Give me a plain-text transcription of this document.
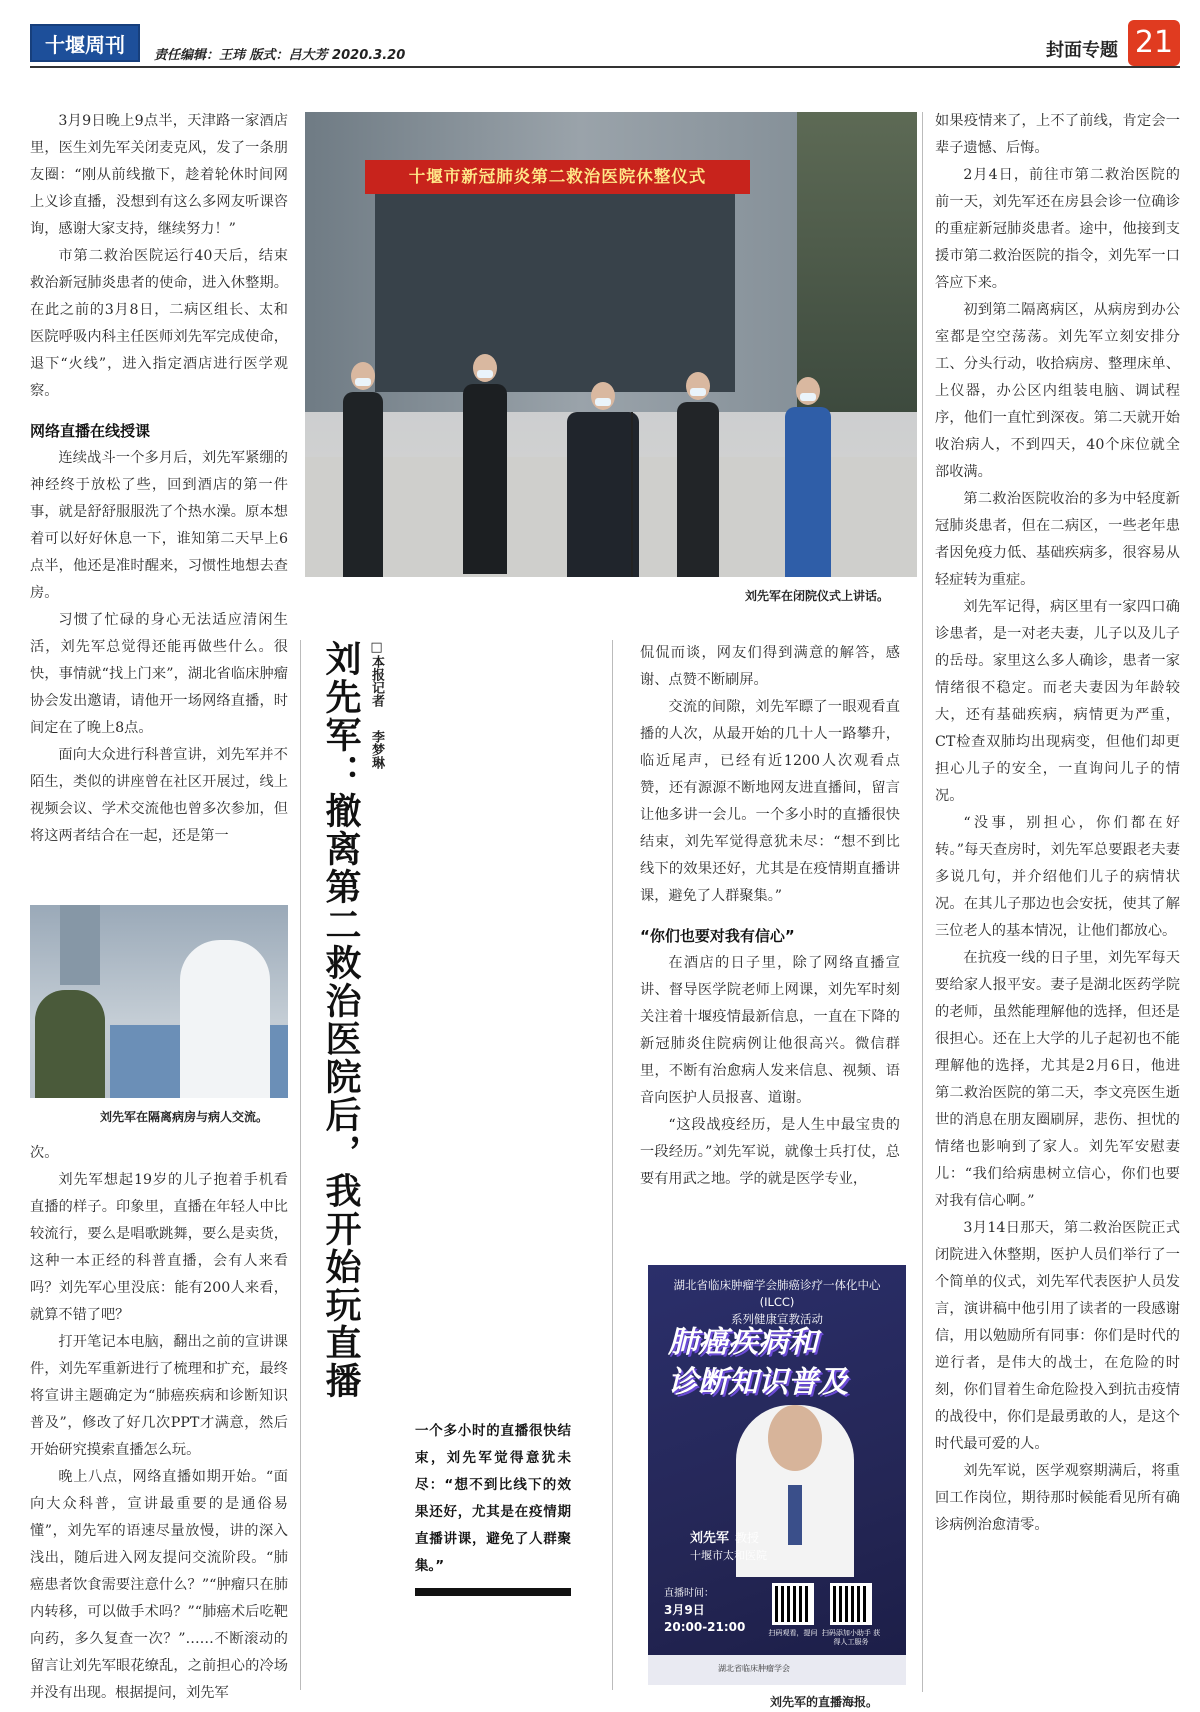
十堰周刊	责任编辑：王玮 版式：吕大芳 2020.3.20	封面专题 21

3月9日晚上9点半，天津路一家酒店里，医生刘先军关闭麦克风，发了一条朋友圈：“刚从前线撤下，趁着轮休时间网上义诊直播，没想到有这么多网友听课咨询，感谢大家支持，继续努力！”

市第二救治医院运行40天后，结束救治新冠肺炎患者的使命，进入休整期。在此之前的3月8日，二病区组长、太和医院呼吸内科主任医师刘先军完成使命，退下“火线”，进入指定酒店进行医学观察。

网络直播在线授课

连续战斗一个多月后，刘先军紧绷的神经终于放松了些，回到酒店的第一件事，就是舒舒服服洗了个热水澡。原本想着可以好好休息一下，谁知第二天早上6点半，他还是准时醒来，习惯性地想去查房。

习惯了忙碌的身心无法适应清闲生活，刘先军总觉得还能再做些什么。很快，事情就“找上门来”，湖北省临床肿瘤协会发出邀请，请他开一场网络直播，时间定在了晚上8点。

面向大众进行科普宣讲，刘先军并不陌生，类似的讲座曾在社区开展过，线上视频会议、学术交流他也曾多次参加，但将这两者结合在一起，还是第一

刘先军在隔离病房与病人交流。

次。

刘先军想起19岁的儿子抱着手机看直播的样子。印象里，直播在年轻人中比较流行，要么是唱歌跳舞，要么是卖货，这种一本正经的科普直播，会有人来看吗？刘先军心里没底：能有200人来看，就算不错了吧？

打开笔记本电脑，翻出之前的宣讲课件，刘先军重新进行了梳理和扩充，最终将宣讲主题确定为“肺癌疾病和诊断知识普及”，修改了好几次PPT才满意，然后开始研究摸索直播怎么玩。

晚上八点，网络直播如期开始。“面向大众科普，宣讲最重要的是通俗易懂”，刘先军的语速尽量放慢，讲的深入浅出，随后进入网友提问交流阶段。“肺癌患者饮食需要注意什么？”“肿瘤只在肺内转移，可以做手术吗？”“肺癌术后吃靶向药，多久复查一次？”……不断滚动的留言让刘先军眼花缭乱，之前担心的冷场并没有出现。根据提问，刘先军

十堰市新冠肺炎第二救治医院休整仪式
刘先军在闭院仪式上讲话。
刘先军：撤离第二救治医院后，我开始玩直播 □本报记者
李梦琳
一个多小时的直播很快结束，刘先军觉得意犹未尽：“想不到比线下的效果还好，尤其是在疫情期直播讲课，避免了人群聚集。”

侃侃而谈，网友们得到满意的解答，感谢、点赞不断刷屏。

交流的间隙，刘先军瞟了一眼观看直播的人次，从最开始的几十人一路攀升，临近尾声，已经有近1200人次观看点赞，还有源源不断地网友进直播间，留言让他多讲一会儿。一个多小时的直播很快结束，刘先军觉得意犹未尽：“想不到比线下的效果还好，尤其是在疫情期直播讲课，避免了人群聚集。”

“你们也要对我有信心”

在酒店的日子里，除了网络直播宣讲、督导医学院老师上网课，刘先军时刻关注着十堰疫情最新信息，一直在下降的新冠肺炎住院病例让他很高兴。微信群里，不断有治愈病人发来信息、视频、语音向医护人员报喜、道谢。

“这段战疫经历，是人生中最宝贵的一段经历。”刘先军说，就像士兵打仗，总要有用武之地。学的就是医学专业，

湖北省临床肿瘤学会肺癌诊疗一体化中心(ILCC)
系列健康宣教活动
肺癌疾病和
诊断知识普及
刘先军 教授
十堰市太和医院
直播时间：
3月9日
20:00-21:00	扫码观看，提问 扫码添加小助手 获得人工服务
湖北省临床肿瘤学会
刘先军的直播海报。

如果疫情来了，上不了前线，肯定会一辈子遗憾、后悔。

2月4日，前往市第二救治医院的前一天，刘先军还在房县会诊一位确诊的重症新冠肺炎患者。途中，他接到支援市第二救治医院的指令，刘先军一口答应下来。

初到第二隔离病区，从病房到办公室都是空空荡荡。刘先军立刻安排分工、分头行动，收拾病房、整理床单、上仪器，办公区内组装电脑、调试程序，他们一直忙到深夜。第二天就开始收治病人，不到四天，40个床位就全部收满。

第二救治医院收治的多为中轻度新冠肺炎患者，但在二病区，一些老年患者因免疫力低、基础疾病多，很容易从轻症转为重症。

刘先军记得，病区里有一家四口确诊患者，是一对老夫妻，儿子以及儿子的岳母。家里这么多人确诊，患者一家情绪很不稳定。而老夫妻因为年龄较大，还有基础疾病，病情更为严重，CT检查双肺均出现病变，但他们却更担心儿子的安全，一直询问儿子的情况。

“没事，别担心，你们都在好转。”每天查房时，刘先军总要跟老夫妻多说几句，并介绍他们儿子的病情状况。在其儿子那边也会安抚，使其了解三位老人的基本情况，让他们都放心。

在抗疫一线的日子里，刘先军每天要给家人报平安。妻子是湖北医药学院的老师，虽然能理解他的选择，但还是很担心。还在上大学的儿子起初也不能理解他的选择，尤其是2月6日，他进第二救治医院的第二天，李文亮医生逝世的消息在朋友圈刷屏，悲伤、担忧的情绪也影响到了家人。刘先军安慰妻儿：“我们给病患树立信心，你们也要对我有信心啊。”

3月14日那天，第二救治医院正式闭院进入休整期，医护人员们举行了一个简单的仪式，刘先军代表医护人员发言，演讲稿中他引用了读者的一段感谢信，用以勉励所有同事：你们是时代的逆行者，是伟大的战士，在危险的时刻，你们冒着生命危险投入到抗击疫情的战役中，你们是最勇敢的人，是这个时代最可爱的人。

刘先军说，医学观察期满后，将重回工作岗位，期待那时候能看见所有确诊病例治愈清零。
